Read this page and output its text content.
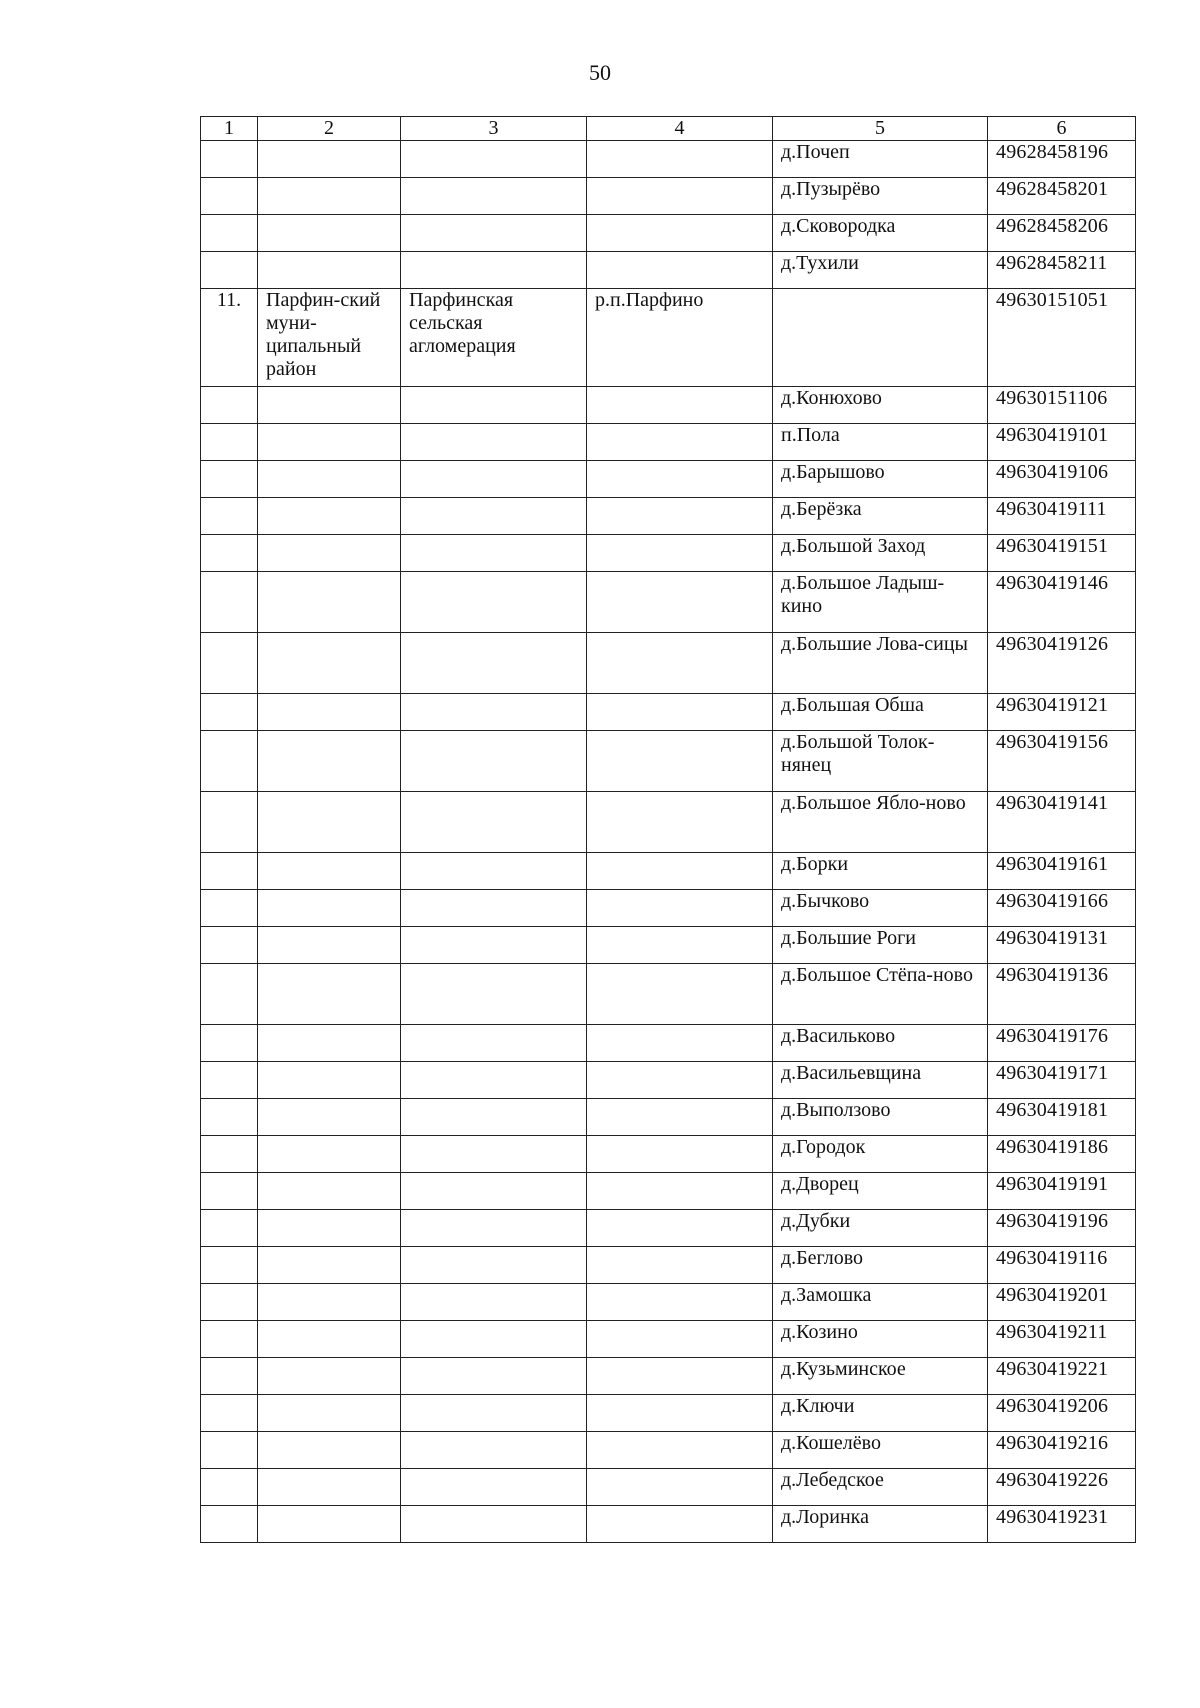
50
1	2	3	4	5	6
				д.Почеп	49628458196
				д.Пузырёво	49628458201
				д.Сковородка	49628458206
				д.Тухили	49628458211
11.	Парфин-ский муни-ципальный район	Парфинская сельская агломерация	р.п.Парфино		49630151051
				д.Конюхово	49630151106
				п.Пола	49630419101
				д.Барышово	49630419106
				д.Берёзка	49630419111
				д.Большой Заход	49630419151
				д.Большое Ладыш-кино	49630419146
				д.Большие Лова-сицы	49630419126
				д.Большая Обша	49630419121
				д.Большой Толок-нянец	49630419156
				д.Большое Ябло-ново	49630419141
				д.Борки	49630419161
				д.Бычково	49630419166
				д.Большие Роги	49630419131
				д.Большое Стёпа-ново	49630419136
				д.Васильково	49630419176
				д.Васильевщина	49630419171
				д.Выползово	49630419181
				д.Городок	49630419186
				д.Дворец	49630419191
				д.Дубки	49630419196
				д.Беглово	49630419116
				д.Замошка	49630419201
				д.Козино	49630419211
				д.Кузьминское	49630419221
				д.Ключи	49630419206
				д.Кошелёво	49630419216
				д.Лебедское	49630419226
				д.Лоринка	49630419231
